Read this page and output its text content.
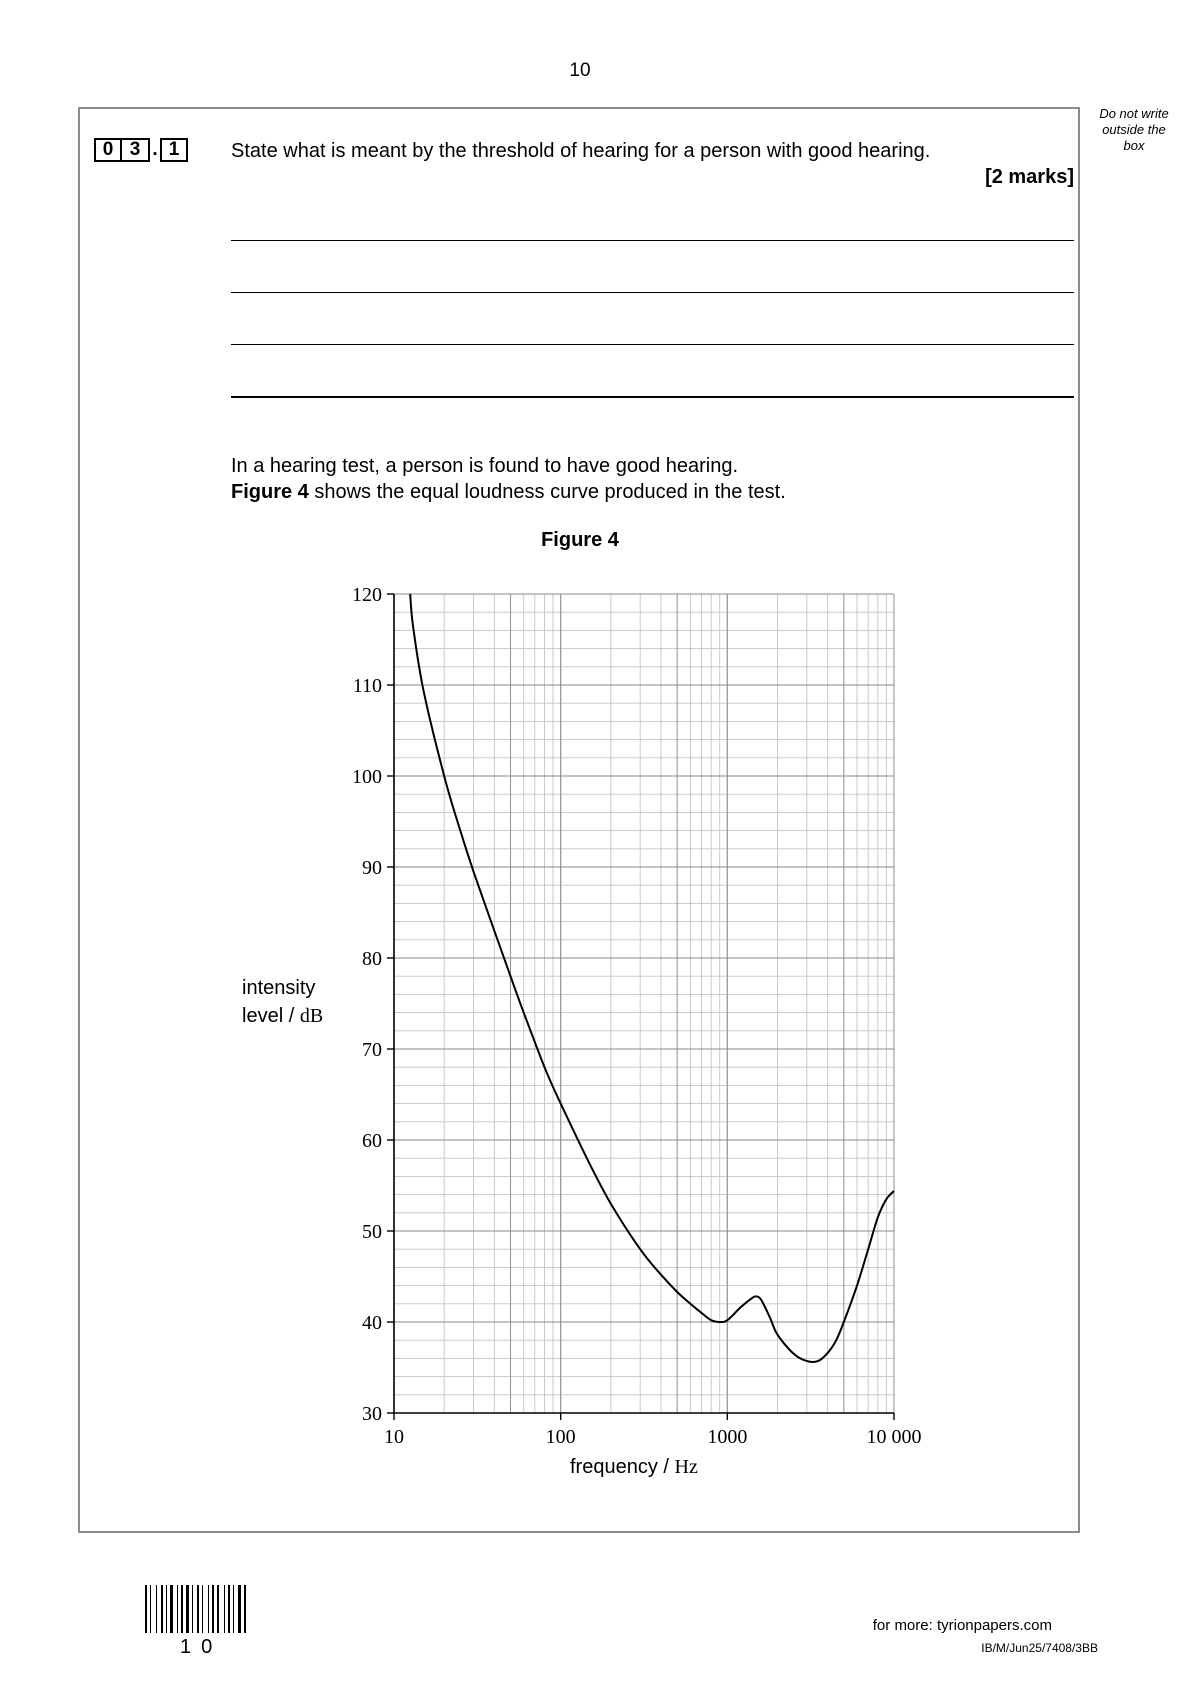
10
Do not write
outside the
box
0 3 . 1	State what is meant by the threshold of hearing for a person with good hearing.
[2 marks]
In a hearing test, a person is found to have good hearing.
Figure 4 shows the equal loudness curve produced in the test.
Figure 4
120
110
100
90
80
70
60
50
40
30
10	100	1000	10 000
intensity
level / dB
frequency / Hz
10
for more: tyrionpapers.com
IB/M/Jun25/7408/3BB
